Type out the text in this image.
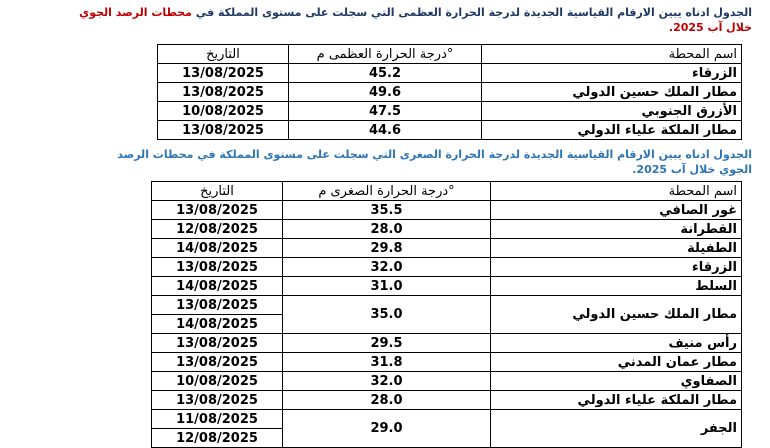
الجدول ادناه يبين الارقام القياسية الجديدة لدرجة الحرارة العظمى التي سجلت على مستوى المملكة في محطات الرصد الجوي
خلال آب 2025.
التاريخ	درجة الحرارة العظمى م°	اسم المحطة
13/08/2025	45.2	الزرقاء
13/08/2025	49.6	مطار الملك حسين الدولي
10/08/2025	47.5	الأزرق الجنوبي
13/08/2025	44.6	مطار الملكة علياء الدولي
الجدول ادناه يبين الارقام القياسية الجديدة لدرجة الحرارة الصغرى التي سجلت على مستوى المملكة في محطات الرصد
الجوي خلال آب 2025.
التاريخ	درجة الحرارة الصغرى م°	اسم المحطة
13/08/2025	35.5	غور الصافي
12/08/2025	28.0	القطرانة
14/08/2025	29.8	الطفيلة
13/08/2025	32.0	الزرقاء
14/08/2025	31.0	السلط
13/08/2025	35.0	مطار الملك حسين الدولي
14/08/2025		
13/08/2025	29.5	رأس منيف
13/08/2025	31.8	مطار عمان المدني
10/08/2025	32.0	الصفاوي
13/08/2025	28.0	مطار الملكة علياء الدولي
11/08/2025	29.0	الجفر
12/08/2025		
